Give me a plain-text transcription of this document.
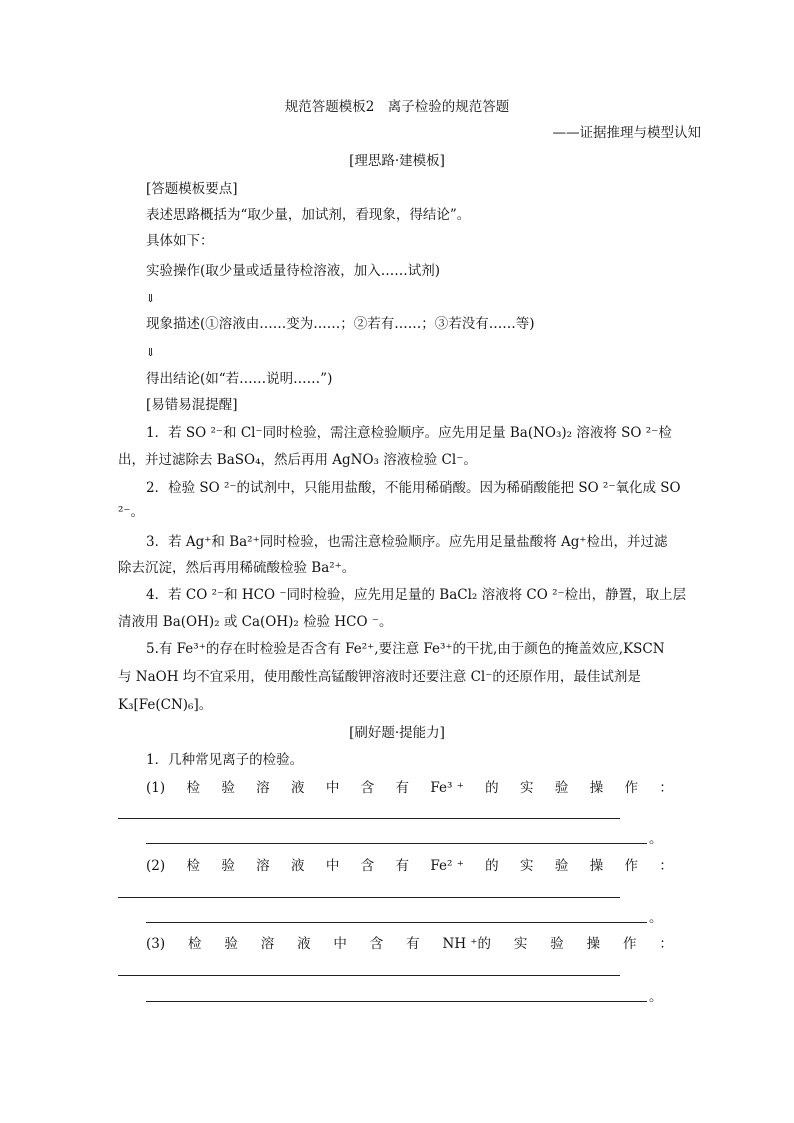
规范答题模板2　离子检验的规范答题
——证据推理与模型认知
[理思路·建模板]
[答题模板要点]
表述思路概括为“取少量，加试剂，看现象，得结论”。
具体如下：
实验操作(取少量或适量待检溶液，加入……试剂)
⇓
现象描述(①溶液由……变为……；②若有……；③若没有……等)
⇓
得出结论(如“若……说明……”)
[易错易混提醒]
1．若 SO ²⁻和 Cl⁻同时检验，需注意检验顺序。应先用足量 Ba(NO₃)₂ 溶液将 SO ²⁻检
出，并过滤除去 BaSO₄，然后再用 AgNO₃ 溶液检验 Cl⁻。
2．检验 SO ²⁻的试剂中，只能用盐酸，不能用稀硝酸。因为稀硝酸能把 SO ²⁻氧化成 SO
²⁻。
3．若 Ag⁺和 Ba²⁺同时检验，也需注意检验顺序。应先用足量盐酸将 Ag⁺检出，并过滤
除去沉淀，然后再用稀硫酸检验 Ba²⁺。
4．若 CO ²⁻和 HCO ⁻同时检验，应先用足量的 BaCl₂ 溶液将 CO ²⁻检出，静置，取上层
清液用 Ba(OH)₂ 或 Ca(OH)₂ 检验 HCO ⁻。
5.有 Fe³⁺的存在时检验是否含有 Fe²⁺,要注意 Fe³⁺的干扰,由于颜色的掩盖效应,KSCN
与 NaOH 均不宜采用，使用酸性高锰酸钾溶液时还要注意 Cl⁻的还原作用，最佳试剂是
K₃[Fe(CN)₆]。
[刷好题·提能力]
1．几种常见离子的检验。
(1) 检 验 溶 液 中 含 有 Fe³ ⁺ 的 实 验 操 作 ：
。
(2) 检 验 溶 液 中 含 有 Fe² ⁺ 的 实 验 操 作 ：
。
(3) 检 验 溶 液 中 含 有 NH ⁺的 实 验 操 作 ：
。
